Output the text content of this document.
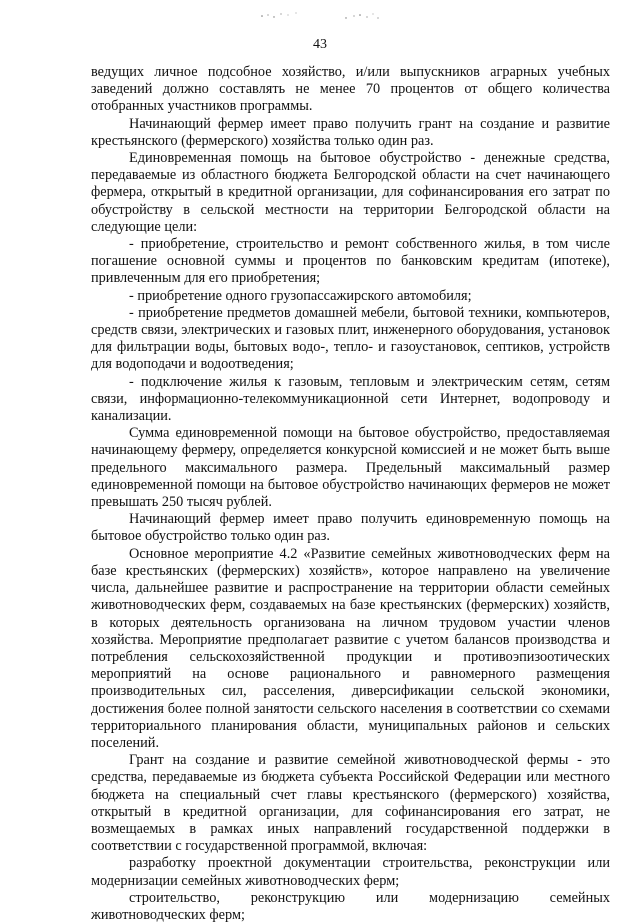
43

ведущих личное подсобное хозяйство, и/или выпускников аграрных учебных заведений должно составлять не менее 70 процентов от общего количества отобранных участников программы.

Начинающий фермер имеет право получить грант на создание и развитие крестьянского (фермерского) хозяйства только один раз.

Единовременная помощь на бытовое обустройство - денежные средства, передаваемые из областного бюджета Белгородской области на счет начинающего фермера, открытый в кредитной организации, для софинансирования его затрат по обустройству в сельской местности на территории Белгородской области на следующие цели:

- приобретение, строительство и ремонт собственного жилья, в том числе погашение основной суммы и процентов по банковским кредитам (ипотеке), привлеченным для его приобретения;

- приобретение одного грузопассажирского автомобиля;

- приобретение предметов домашней мебели, бытовой техники, компьютеров, средств связи, электрических и газовых плит, инженерного оборудования, установок для фильтрации воды, бытовых водо-, тепло- и газоустановок, септиков, устройств для водоподачи и водоотведения;

- подключение жилья к газовым, тепловым и электрическим сетям, сетям связи, информационно-телекоммуникационной сети Интернет, водопроводу и канализации.

Сумма единовременной помощи на бытовое обустройство, предоставляемая начинающему фермеру, определяется конкурсной комиссией и не может быть выше предельного максимального размера. Предельный максимальный размер единовременной помощи на бытовое обустройство начинающих фермеров не может превышать 250 тысяч рублей.

Начинающий фермер имеет право получить единовременную помощь на бытовое обустройство только один раз.

Основное мероприятие 4.2 «Развитие семейных животноводческих ферм на базе крестьянских (фермерских) хозяйств», которое направлено на увеличение числа, дальнейшее развитие и распространение на территории области семейных животноводческих ферм, создаваемых на базе крестьянских (фермерских) хозяйств, в которых деятельность организована на личном трудовом участии членов хозяйства. Мероприятие предполагает развитие с учетом балансов производства и потребления сельскохозяйственной продукции и противоэпизоотических мероприятий на основе рационального и равномерного размещения производительных сил, расселения, диверсификации сельской экономики, достижения более полной занятости сельского населения в соответствии со схемами территориального планирования области, муниципальных районов и сельских поселений.

Грант на создание и развитие семейной животноводческой фермы - это средства, передаваемые из бюджета субъекта Российской Федерации или местного бюджета на специальный счет главы крестьянского (фермерского) хозяйства, открытый в кредитной организации, для софинансирования его затрат, не возмещаемых в рамках иных направлений государственной поддержки в соответствии с государственной программой, включая:

разработку проектной документации строительства, реконструкции или модернизации семейных животноводческих ферм;

строительство, реконструкцию или модернизацию семейных животноводческих ферм;
